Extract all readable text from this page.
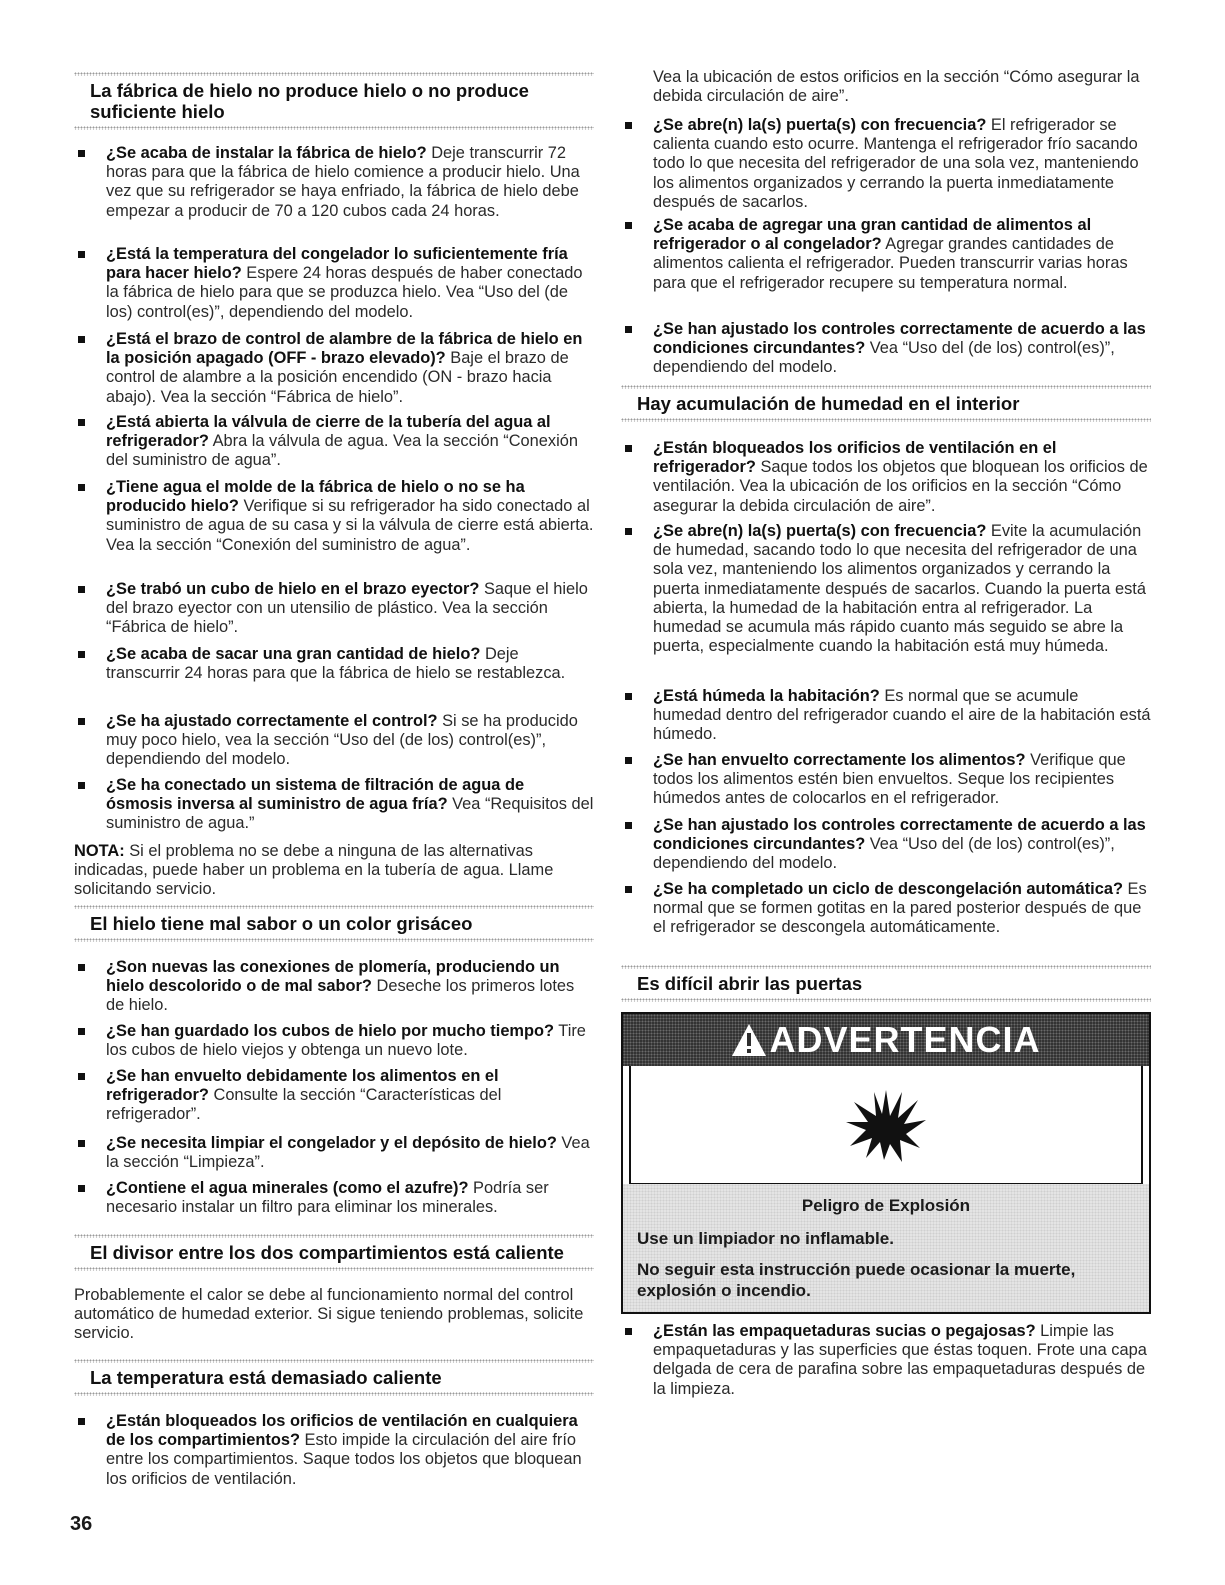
La fábrica de hielo no produce hielo o no produce suficiente hielo
¿Se acaba de instalar la fábrica de hielo? Deje transcurrir 72 horas para que la fábrica de hielo comience a producir hielo. Una vez que su refrigerador se haya enfriado, la fábrica de hielo debe empezar a producir de 70 a 120 cubos cada 24 horas.
¿Está la temperatura del congelador lo suficientemente fría para hacer hielo? Espere 24 horas después de haber conectado la fábrica de hielo para que se produzca hielo. Vea “Uso del (de los) control(es)”, dependiendo del modelo.
¿Está el brazo de control de alambre de la fábrica de hielo en la posición apagado (OFF - brazo elevado)? Baje el brazo de control de alambre a la posición encendido (ON - brazo hacia abajo). Vea la sección “Fábrica de hielo”.
¿Está abierta la válvula de cierre de la tubería del agua al refrigerador? Abra la válvula de agua. Vea la sección “Conexión del suministro de agua”.
¿Tiene agua el molde de la fábrica de hielo o no se ha producido hielo? Verifique si su refrigerador ha sido conectado al suministro de agua de su casa y si la válvula de cierre está abierta. Vea la sección “Conexión del suministro de agua”.
¿Se trabó un cubo de hielo en el brazo eyector? Saque el hielo del brazo eyector con un utensilio de plástico. Vea la sección “Fábrica de hielo”.
¿Se acaba de sacar una gran cantidad de hielo? Deje transcurrir 24 horas para que la fábrica de hielo se restablezca.
¿Se ha ajustado correctamente el control? Si se ha producido muy poco hielo, vea la sección “Uso del (de los) control(es)”, dependiendo del modelo.
¿Se ha conectado un sistema de filtración de agua de ósmosis inversa al suministro de agua fría? Vea “Requisitos del suministro de agua.”
NOTA: Si el problema no se debe a ninguna de las alternativas indicadas, puede haber un problema en la tubería de agua. Llame solicitando servicio.
El hielo tiene mal sabor o un color grisáceo
¿Son nuevas las conexiones de plomería, produciendo un hielo descolorido o de mal sabor? Deseche los primeros lotes de hielo.
¿Se han guardado los cubos de hielo por mucho tiempo? Tire los cubos de hielo viejos y obtenga un nuevo lote.
¿Se han envuelto debidamente los alimentos en el refrigerador? Consulte la sección “Características del refrigerador”.
¿Se necesita limpiar el congelador y el depósito de hielo? Vea la sección “Limpieza”.
¿Contiene el agua minerales (como el azufre)? Podría ser necesario instalar un filtro para eliminar los minerales.
El divisor entre los dos compartimientos está caliente
Probablemente el calor se debe al funcionamiento normal del control automático de humedad exterior. Si sigue teniendo problemas, solicite servicio.
La temperatura está demasiado caliente
¿Están bloqueados los orificios de ventilación en cualquiera de los compartimientos? Esto impide la circulación del aire frío entre los compartimientos. Saque todos los objetos que bloquean los orificios de ventilación.
Vea la ubicación de estos orificios en la sección “Cómo asegurar la debida circulación de aire”.
¿Se abre(n) la(s) puerta(s) con frecuencia? El refrigerador se calienta cuando esto ocurre. Mantenga el refrigerador frío sacando todo lo que necesita del refrigerador de una sola vez, manteniendo los alimentos organizados y cerrando la puerta inmediatamente después de sacarlos.
¿Se acaba de agregar una gran cantidad de alimentos al refrigerador o al congelador? Agregar grandes cantidades de alimentos calienta el refrigerador. Pueden transcurrir varias horas para que el refrigerador recupere su temperatura normal.
¿Se han ajustado los controles correctamente de acuerdo a las condiciones circundantes? Vea “Uso del (de los) control(es)”, dependiendo del modelo.
Hay acumulación de humedad en el interior
¿Están bloqueados los orificios de ventilación en el refrigerador? Saque todos los objetos que bloquean los orificios de ventilación. Vea la ubicación de los orificios en la sección “Cómo asegurar la debida circulación de aire”.
¿Se abre(n) la(s) puerta(s) con frecuencia? Evite la acumulación de humedad, sacando todo lo que necesita del refrigerador de una sola vez, manteniendo los alimentos organizados y cerrando la puerta inmediatamente después de sacarlos. Cuando la puerta está abierta, la humedad de la habitación entra al refrigerador. La humedad se acumula más rápido cuanto más seguido se abre la puerta, especialmente cuando la habitación está muy húmeda.
¿Está húmeda la habitación? Es normal que se acumule humedad dentro del refrigerador cuando el aire de la habitación está húmedo.
¿Se han envuelto correctamente los alimentos? Verifique que todos los alimentos estén bien envueltos. Seque los recipientes húmedos antes de colocarlos en el refrigerador.
¿Se han ajustado los controles correctamente de acuerdo a las condiciones circundantes? Vea “Uso del (de los) control(es)”, dependiendo del modelo.
¿Se ha completado un ciclo de descongelación automática? Es normal que se formen gotitas en la pared posterior después de que el refrigerador se descongela automáticamente.
Es difícil abrir las puertas
ADVERTENCIA
Peligro de Explosión
Use un limpiador no inflamable.
No seguir esta instrucción puede ocasionar la muerte, explosión o incendio.
¿Están las empaquetaduras sucias o pegajosas? Limpie las empaquetaduras y las superficies que éstas toquen. Frote una capa delgada de cera de parafina sobre las empaquetaduras después de la limpieza.
36
